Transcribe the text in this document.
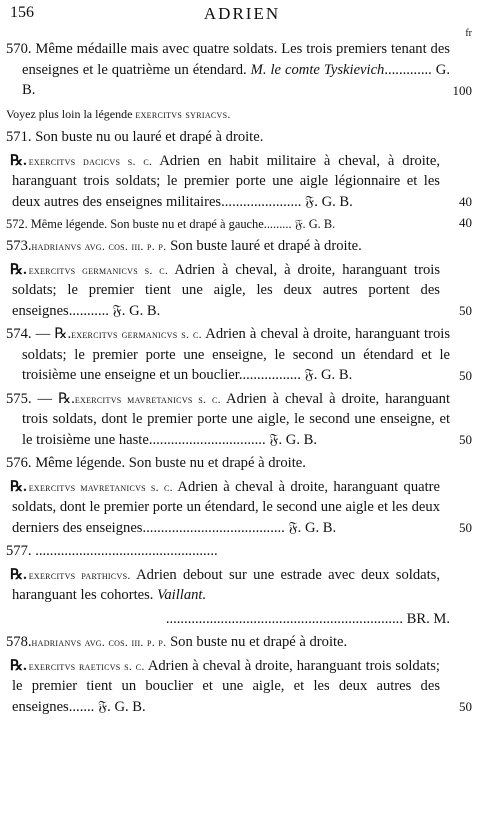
156	ADRIEN
fr
570. Même médaille mais avec quatre soldats. Les trois premiers tenant des enseignes et le quatrième un étendard. M. le comte Tyskievich............. G. B.	100
Voyez plus loin la légende exercitvs syriacvs.
571. Son buste nu ou lauré et drapé à droite.
℞. exercitvs dacicvs s. c. Adrien en habit militaire à cheval, à droite, haranguant trois soldats; le premier porte une aigle légionnaire et les deux autres des enseignes militaires...................... 𝔉. G. B.	40
572. Même légende. Son buste nu et drapé à gauche......... 𝔉. G. B.	40
573.hadrianvs avg. cos. iii. p. p. Son buste lauré et drapé à droite.
℞. exercitvs germanicvs s. c. Adrien à cheval, à droite, haranguant trois soldats; le premier tient une aigle, les deux autres portent des enseignes........... 𝔉. G. B.	50
574. — ℞.exercitvs germanicvs s. c. Adrien à cheval à droite, haranguant trois soldats; le premier porte une enseigne, le second un étendard et le troisième une enseigne et un bouclier................. 𝔉. G. B.	50
575. — ℞.exercitvs mavretanicvs s. c. Adrien à cheval à droite, haranguant trois soldats, dont le premier porte une aigle, le second une enseigne, et le troisième une haste................................ 𝔉. G. B.	50
576. Même légende. Son buste nu et drapé à droite.
℞. exercitvs mavretanicvs s. c. Adrien à cheval à droite, haranguant quatre soldats, dont le premier porte un étendard, le second une aigle et les deux derniers des enseignes....................................... 𝔉. G. B.	50
577. ..................................................
℞. exercitvs parthicvs. Adrien debout sur une estrade avec deux soldats, haranguant les cohortes. Vaillant.
................................................................. BR. M.
578.hadrianvs avg. cos. iii. p. p. Son buste nu et drapé à droite.
℞. exercitvs raeticvs s. c. Adrien à cheval à droite, haranguant trois soldats; le premier tient un bouclier et une aigle, et les deux autres des enseignes....... 𝔉. G. B.	50
